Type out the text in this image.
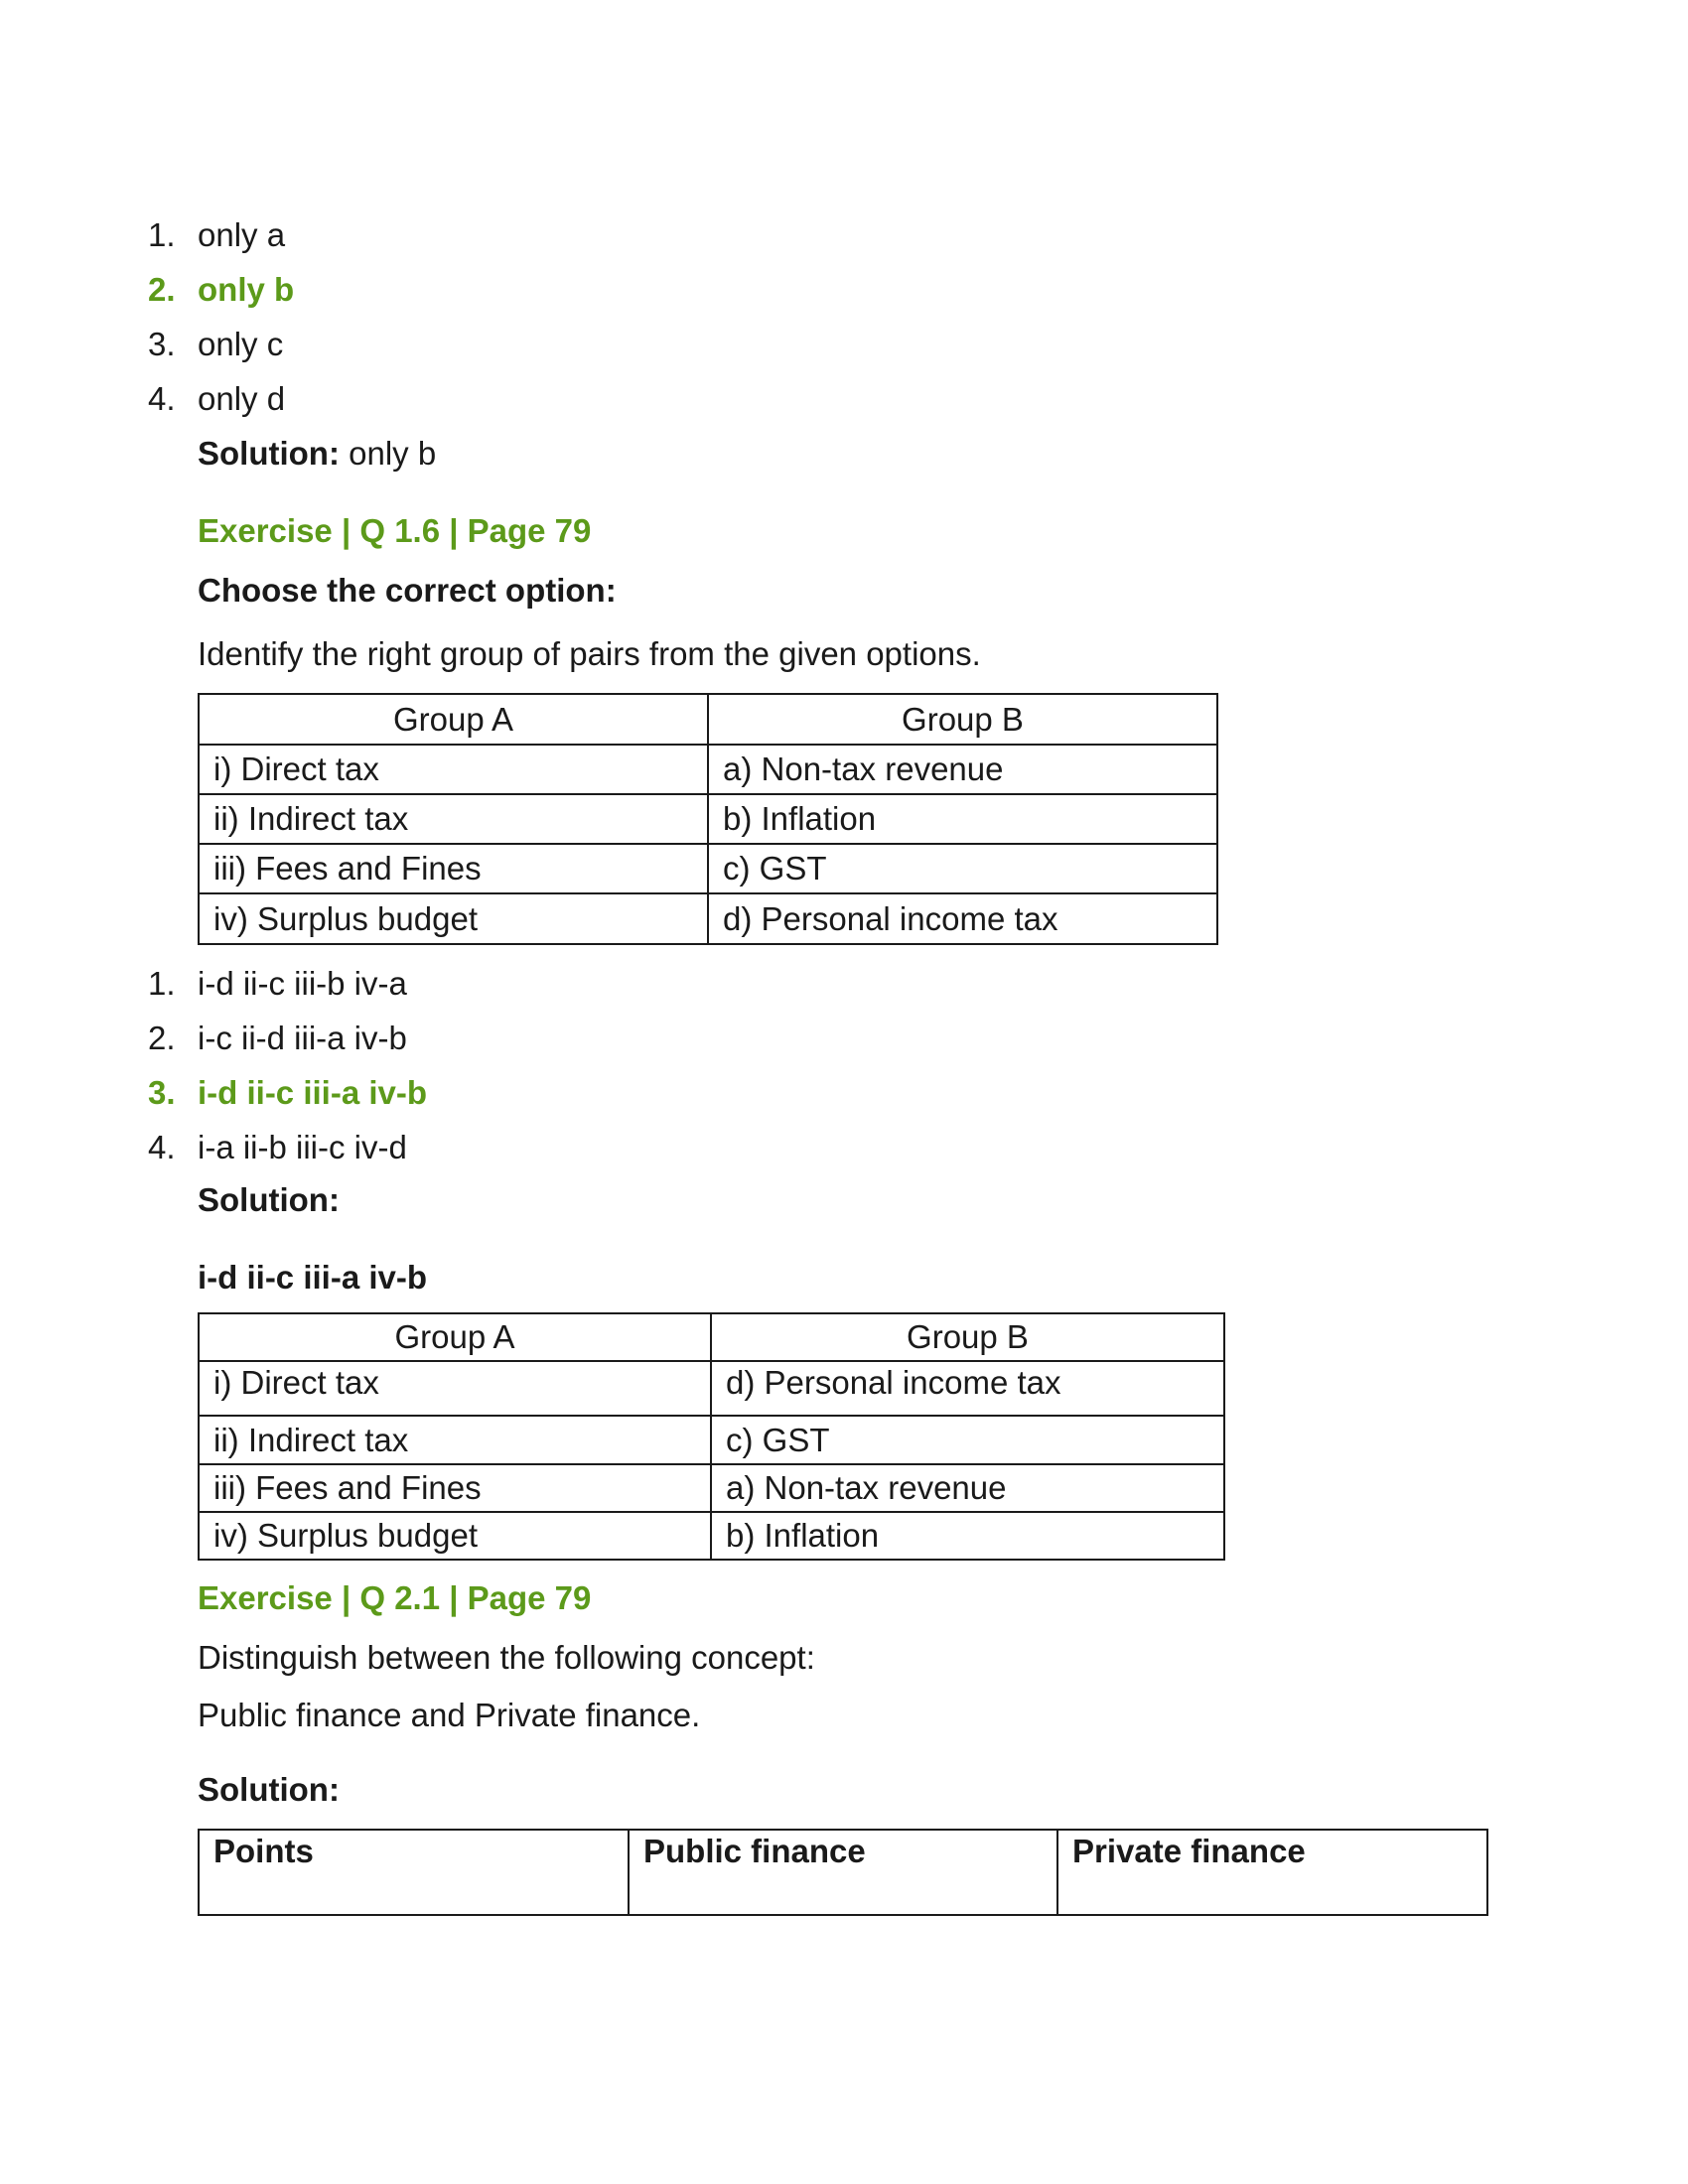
1. only a
2. only b
3. only c
4. only d
Solution: only b
Exercise | Q 1.6 | Page 79
Choose the correct option:
Identify the right group of pairs from the given options.
Group A	Group B
i) Direct tax	a) Non-tax revenue
ii) Indirect tax	b) Inflation
iii) Fees and Fines	c) GST
iv) Surplus budget	d) Personal income tax
1. i-d ii-c iii-b iv-a
2. i-c ii-d iii-a iv-b
3. i-d ii-c iii-a iv-b
4. i-a ii-b iii-c iv-d
Solution:
i-d ii-c iii-a iv-b
Group A	Group B
i) Direct tax	d) Personal income tax
ii) Indirect tax	c) GST
iii) Fees and Fines	a) Non-tax revenue
iv) Surplus budget	b) Inflation
Exercise | Q 2.1 | Page 79
Distinguish between the following concept:
Public finance and Private finance.
Solution:
Points	Public finance	Private finance
